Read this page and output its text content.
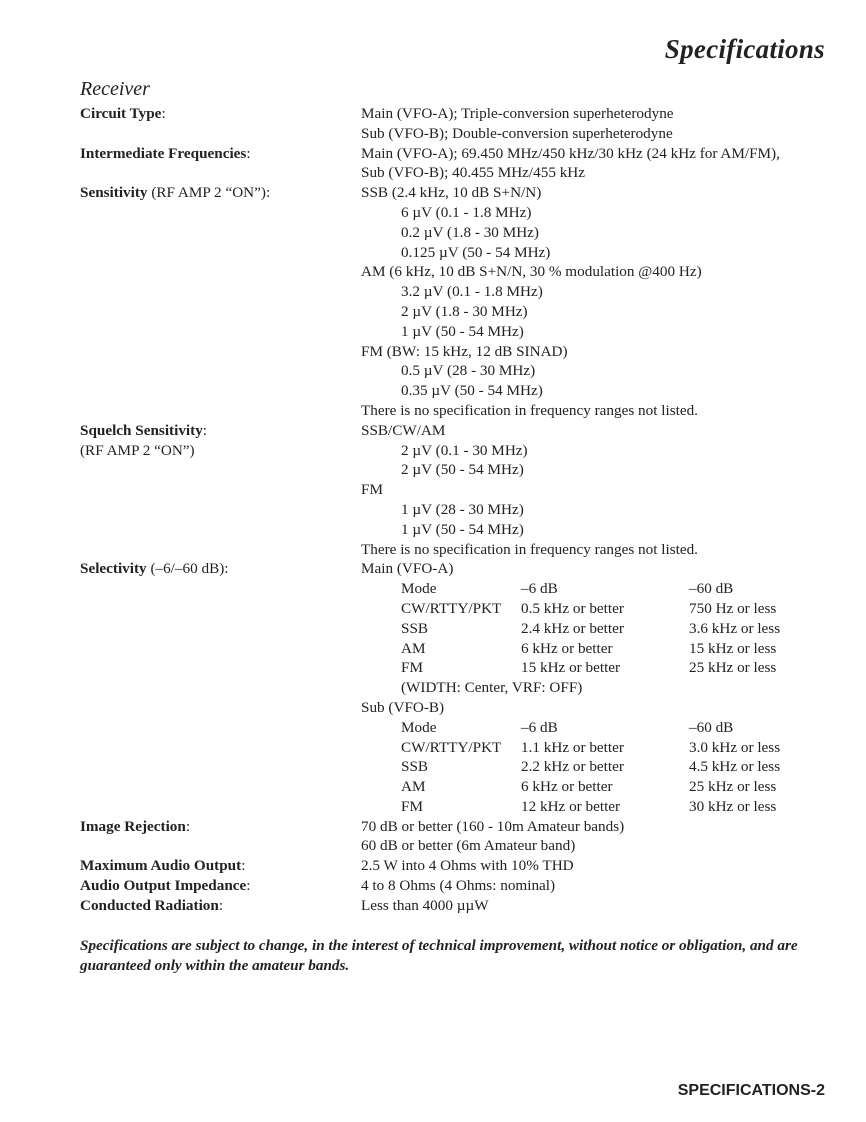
Specifications
Receiver
Circuit Type:	Main (VFO-A); Triple-conversion superheterodyne
Sub (VFO-B); Double-conversion superheterodyne
Intermediate Frequencies:	Main (VFO-A); 69.450 MHz/450 kHz/30 kHz (24 kHz for AM/FM),
Sub (VFO-B); 40.455 MHz/455 kHz
Sensitivity (RF AMP 2 “ON”):	SSB (2.4 kHz, 10 dB S+N/N)
6 µV (0.1 - 1.8 MHz)
0.2 µV (1.8 - 30 MHz)
0.125 µV (50 - 54 MHz)
AM (6 kHz, 10 dB S+N/N, 30 % modulation @400 Hz)
3.2 µV (0.1 - 1.8 MHz)
2 µV (1.8 - 30 MHz)
1 µV (50 - 54 MHz)
FM (BW: 15 kHz, 12 dB SINAD)
0.5 µV (28 - 30 MHz)
0.35 µV (50 - 54 MHz)
There is no specification in frequency ranges not listed.
Squelch Sensitivity:
(RF AMP 2 “ON”)
SSB/CW/AM
2 µV (0.1 - 30 MHz)
2 µV (50 - 54 MHz)
FM
1 µV (28 - 30 MHz)
1 µV (50 - 54 MHz)
There is no specification in frequency ranges not listed.
Selectivity (–6/–60 dB):	Main (VFO-A)
Mode	–6 dB	–60 dB
CW/RTTY/PKT	0.5 kHz or better	750 Hz or less
SSB	2.4 kHz or better	3.6 kHz or less
AM	6 kHz or better	15 kHz or less
FM	15 kHz or better	25 kHz or less
(WIDTH: Center, VRF: OFF)
Sub (VFO-B)
Mode	–6 dB	–60 dB
CW/RTTY/PKT	1.1 kHz or better	3.0 kHz or less
SSB	2.2 kHz or better	4.5 kHz or less
AM	6 kHz or better	25 kHz or less
FM	12 kHz or better	30 kHz or less
Image Rejection:	70 dB or better (160 - 10m Amateur bands)
60 dB or better (6m Amateur band)
Maximum Audio Output:	2.5 W into 4 Ohms with 10% THD
Audio Output Impedance:	4 to 8 Ohms (4 Ohms: nominal)
Conducted Radiation:	Less than 4000 µµW
Specifications are subject to change, in the interest of technical improvement, without notice or obligation, and are guaranteed only within the amateur bands.
SPECIFICATIONS-2
